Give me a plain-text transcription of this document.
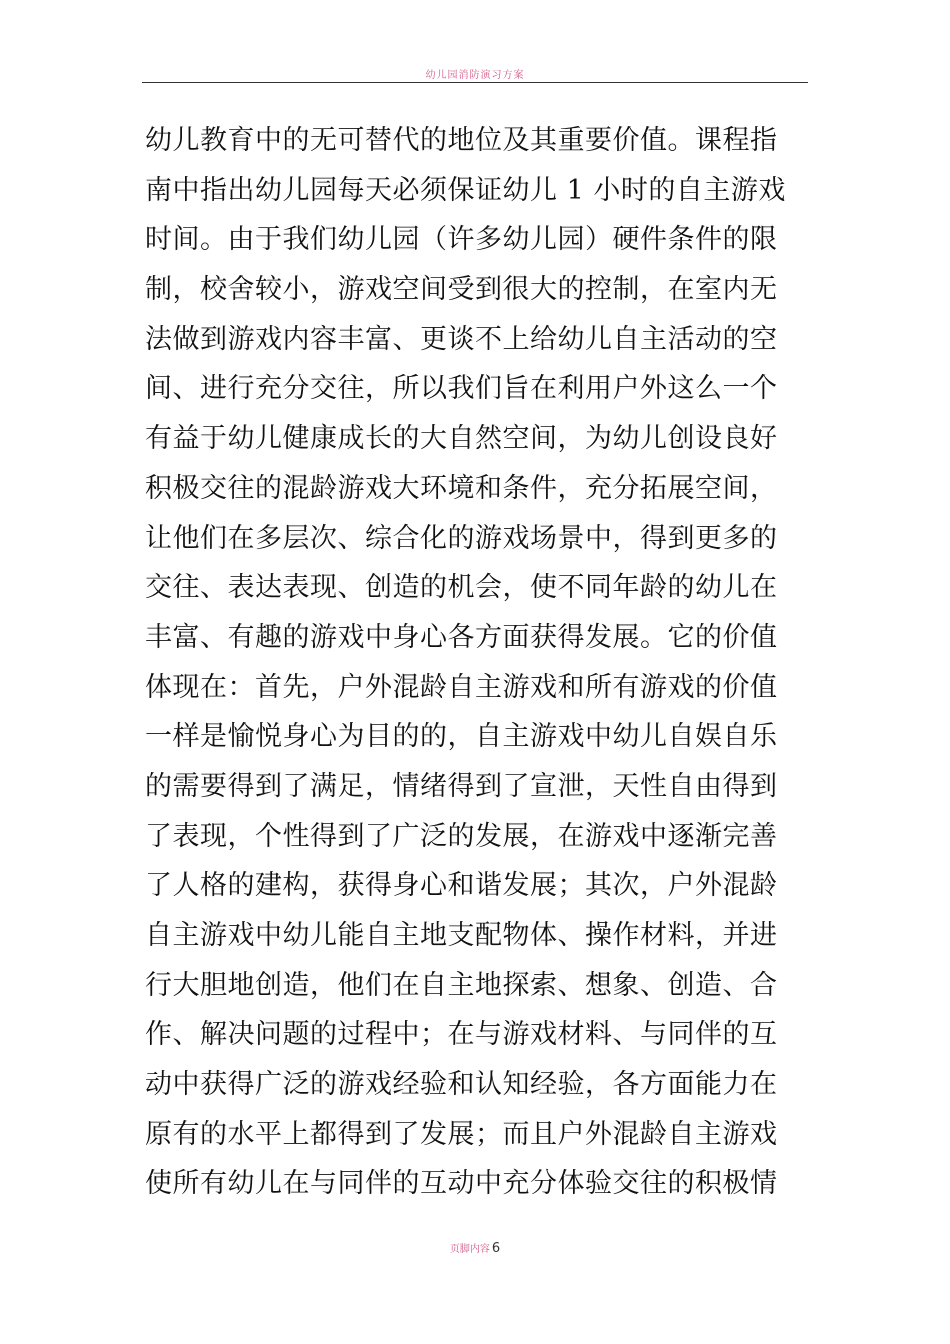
幼儿园消防演习方案
幼儿教育中的无可替代的地位及其重要价值。课程指
南中指出幼儿园每天必须保证幼儿 1 小时的自主游戏
时间。由于我们幼儿园（许多幼儿园）硬件条件的限
制，校舍较小，游戏空间受到很大的控制，在室内无
法做到游戏内容丰富、更谈不上给幼儿自主活动的空
间、进行充分交往，所以我们旨在利用户外这么一个
有益于幼儿健康成长的大自然空间，为幼儿创设良好
积极交往的混龄游戏大环境和条件，充分拓展空间，
让他们在多层次、综合化的游戏场景中，得到更多的
交往、表达表现、创造的机会，使不同年龄的幼儿在
丰富、有趣的游戏中身心各方面获得发展。它的价值
体现在：首先，户外混龄自主游戏和所有游戏的价值
一样是愉悦身心为目的的，自主游戏中幼儿自娱自乐
的需要得到了满足，情绪得到了宣泄，天性自由得到
了表现，个性得到了广泛的发展，在游戏中逐渐完善
了人格的建构，获得身心和谐发展；其次，户外混龄
自主游戏中幼儿能自主地支配物体、操作材料，并进
行大胆地创造，他们在自主地探索、想象、创造、合
作、解决问题的过程中；在与游戏材料、与同伴的互
动中获得广泛的游戏经验和认知经验，各方面能力在
原有的水平上都得到了发展；而且户外混龄自主游戏
使所有幼儿在与同伴的互动中充分体验交往的积极情
页脚内容 6
